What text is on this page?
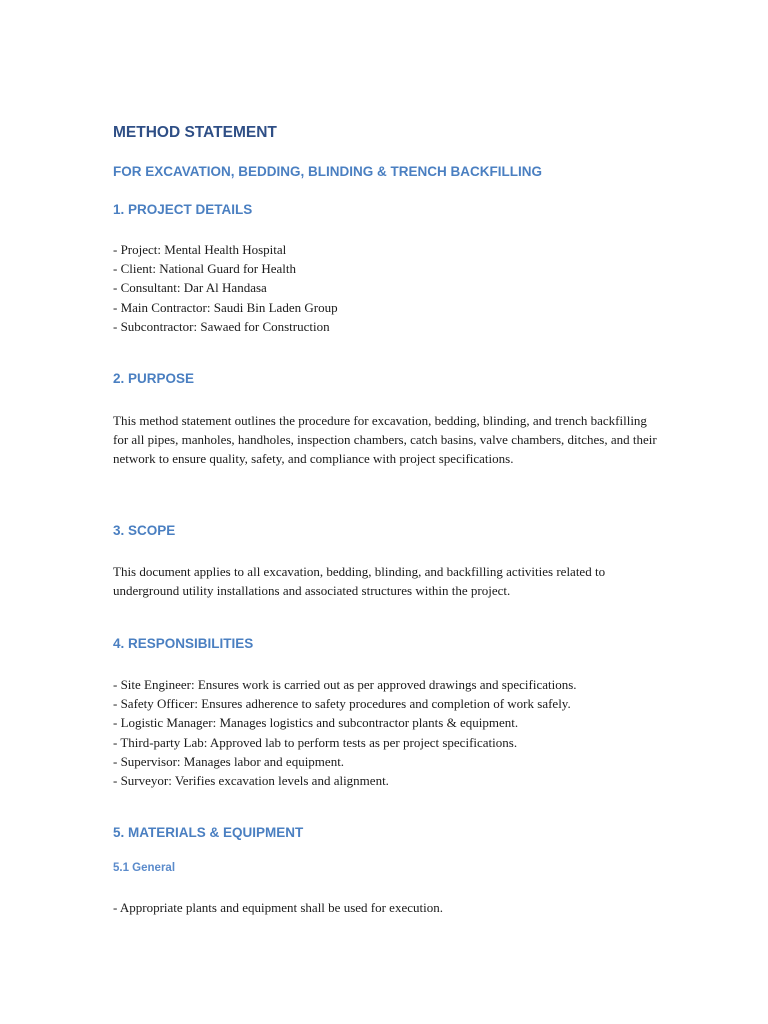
METHOD STATEMENT
FOR EXCAVATION, BEDDING, BLINDING & TRENCH BACKFILLING
1. PROJECT DETAILS
- Project: Mental Health Hospital
- Client: National Guard for Health
- Consultant: Dar Al Handasa
- Main Contractor: Saudi Bin Laden Group
- Subcontractor: Sawaed for Construction
2. PURPOSE

This method statement outlines the procedure for excavation, bedding, blinding, and trench backfilling for all pipes, manholes, handholes, inspection chambers, catch basins, valve chambers, ditches, and their network to ensure quality, safety, and compliance with project specifications.

3. SCOPE

This document applies to all excavation, bedding, blinding, and backfilling activities related to underground utility installations and associated structures within the project.

4. RESPONSIBILITIES
- Site Engineer: Ensures work is carried out as per approved drawings and specifications.
- Safety Officer: Ensures adherence to safety procedures and completion of work safely.
- Logistic Manager: Manages logistics and subcontractor plants & equipment.
- Third-party Lab: Approved lab to perform tests as per project specifications.
- Supervisor: Manages labor and equipment.
- Surveyor: Verifies excavation levels and alignment.
5. MATERIALS & EQUIPMENT
5.1 General

- Appropriate plants and equipment shall be used for execution.
